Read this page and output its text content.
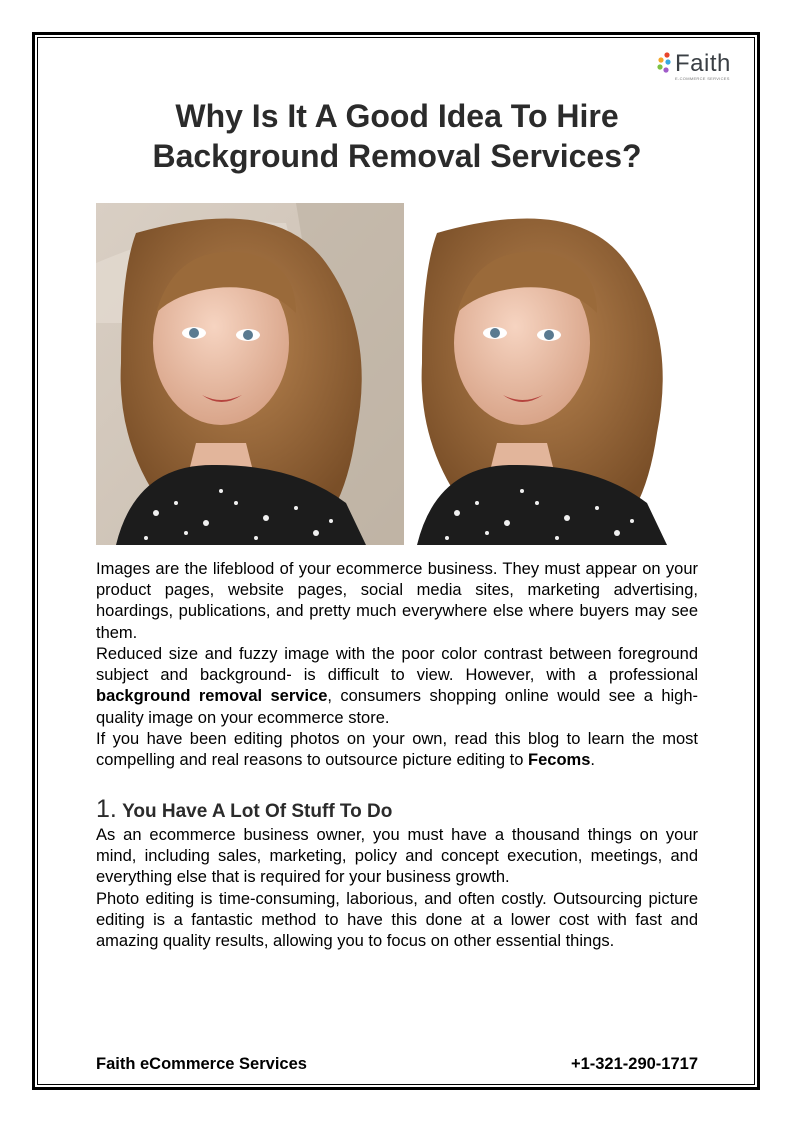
Faith
E-COMMERCE SERVICES
Why Is It A Good Idea To Hire
Background Removal Services?

Images are the lifeblood of your ecommerce business. They must appear on your product pages, website pages, social media sites, marketing advertising, hoardings, publications, and pretty much everywhere else where buyers may see them.

Reduced size and fuzzy image with the poor color contrast between foreground subject and background- is difficult to view. However, with a professional background removal service, consumers shopping online would see a high-quality image on your ecommerce store.

If you have been editing photos on your own, read this blog to learn the most compelling and real reasons to outsource picture editing to Fecoms.

1. You Have A Lot Of Stuff To Do

As an ecommerce business owner, you must have a thousand things on your mind, including sales, marketing, policy and concept execution, meetings, and everything else that is required for your business growth.

Photo editing is time-consuming, laborious, and often costly. Outsourcing picture editing is a fantastic method to have this done at a lower cost with fast and amazing quality results, allowing you to focus on other essential things.

Faith eCommerce Services	+1-321-290-1717
